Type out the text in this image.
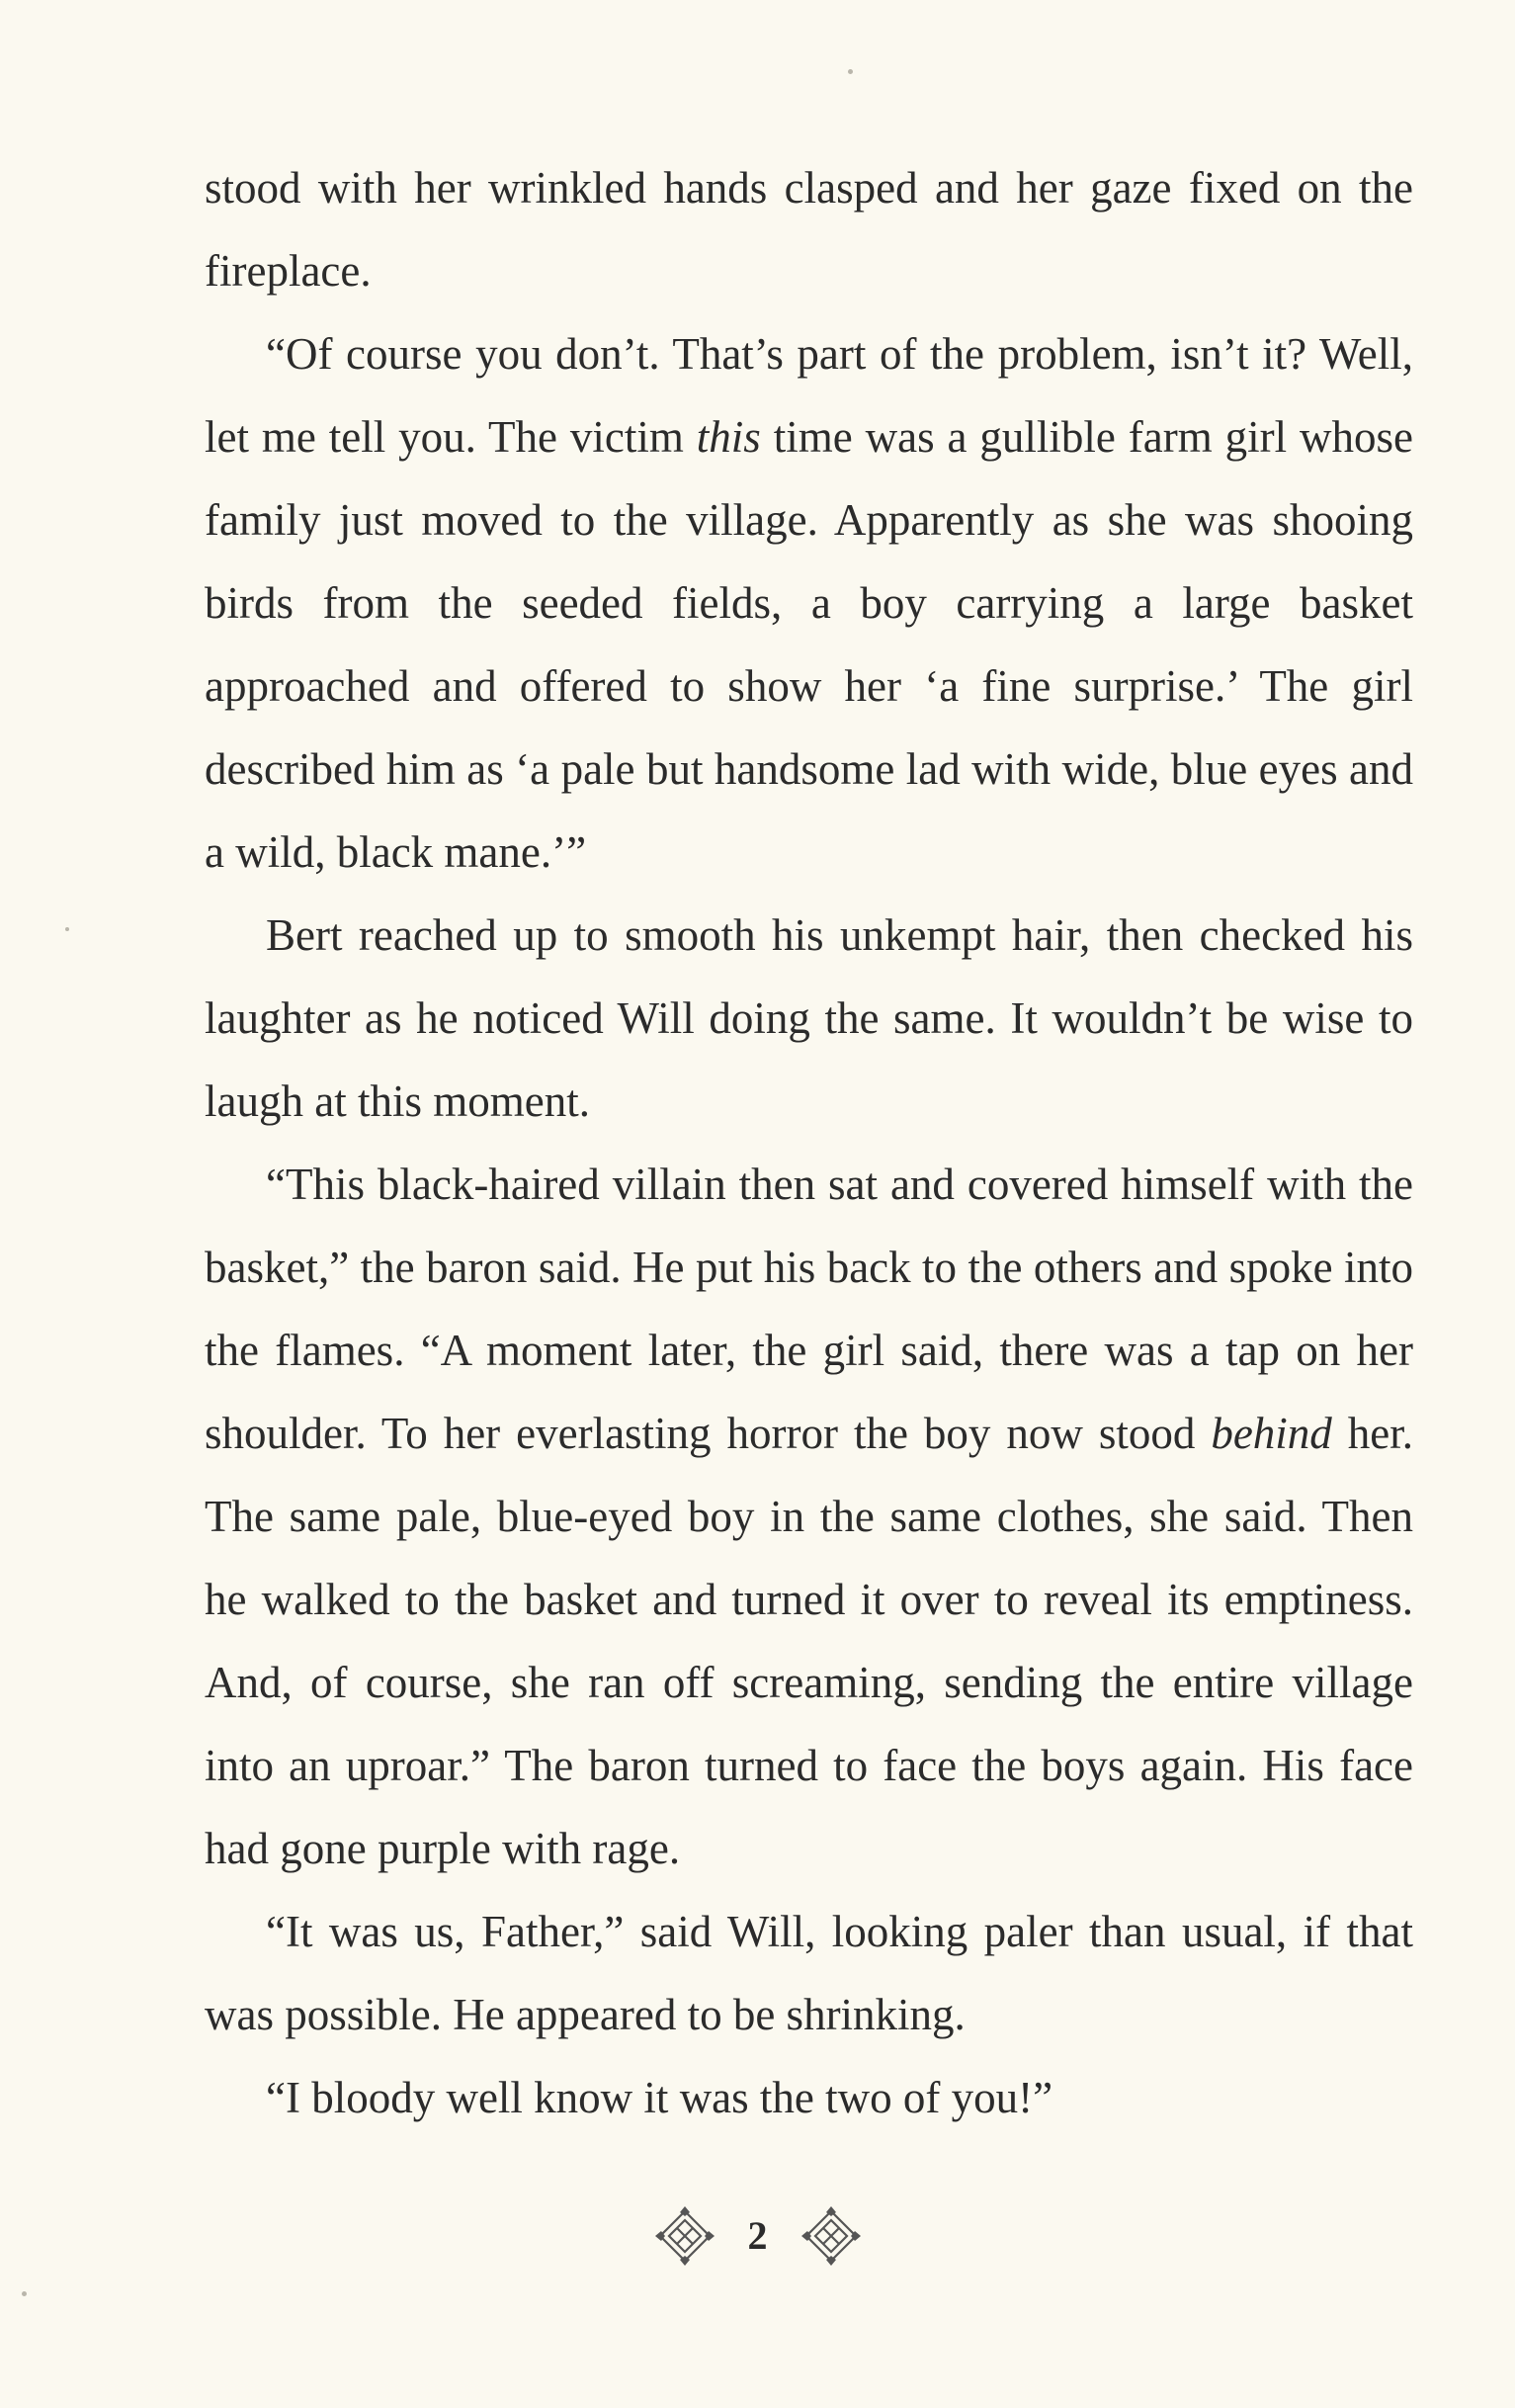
stood with her wrinkled hands clasped and her gaze fixed on the fireplace.

“Of course you don’t. That’s part of the problem, isn’t it? Well, let me tell you. The victim this time was a gullible farm girl whose family just moved to the village. Apparently as she was shooing birds from the seeded fields, a boy carrying a large basket approached and offered to show her ‘a fine surprise.’ The girl described him as ‘a pale but handsome lad with wide, blue eyes and a wild, black mane.’”

Bert reached up to smooth his unkempt hair, then checked his laughter as he noticed Will doing the same. It wouldn’t be wise to laugh at this moment.

“This black-haired villain then sat and covered himself with the basket,” the baron said. He put his back to the others and spoke into the flames. “A moment later, the girl said, there was a tap on her shoulder. To her everlasting horror the boy now stood behind her. The same pale, blue-eyed boy in the same clothes, she said. Then he walked to the basket and turned it over to reveal its emptiness. And, of course, she ran off screaming, sending the entire village into an uproar.” The baron turned to face the boys again. His face had gone purple with rage.

“It was us, Father,” said Will, looking paler than usual, if that was possible. He appeared to be shrinking.

“I bloody well know it was the two of you!”

2
